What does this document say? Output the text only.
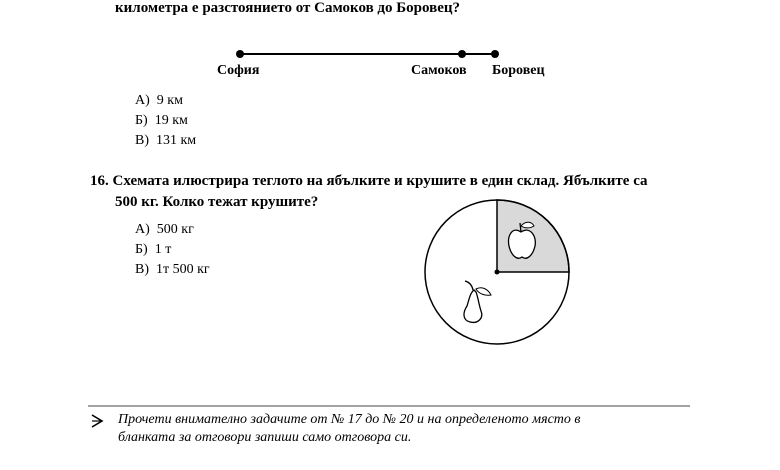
километра е разстоянието от Самоков до Боровец?
София	Самоков Боровец
А) 9 км
Б) 19 км
В) 131 км
16. Схемата илюстрира теглото на ябълките и крушите в един склад. Ябълките са
500 кг. Колко тежат крушите?
А) 500 кг
Б) 1 т
В) 1т 500 кг
Прочети внимателно задачите от № 17 до № 20 и на определеното място в
бланката за отговори запиши само отговора си.
